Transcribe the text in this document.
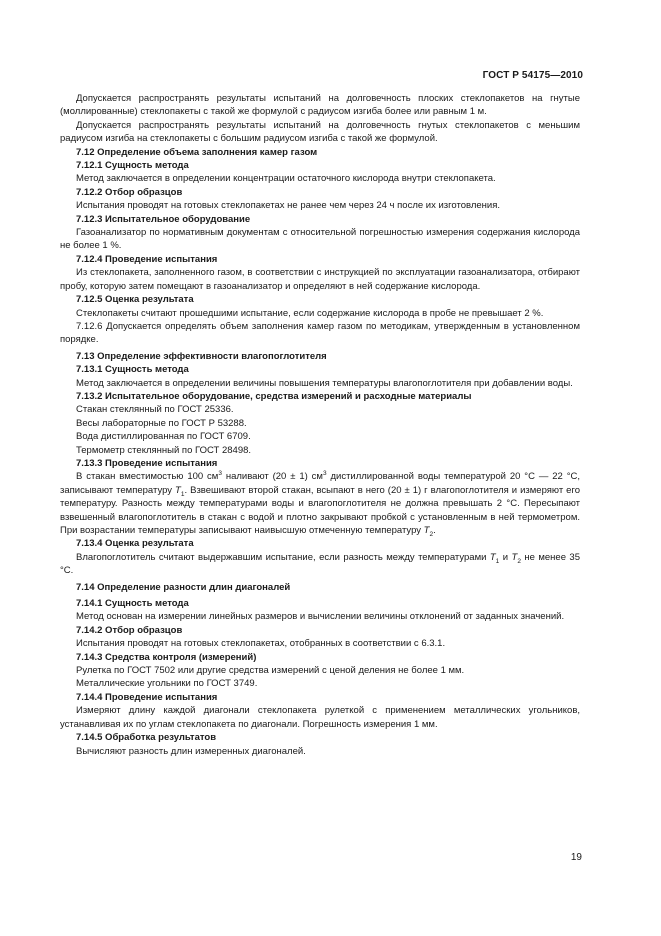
ГОСТ Р 54175—2010

Допускается распространять результаты испытаний на долговечность плоских стеклопакетов на гнутые (моллированные) стеклопакеты с такой же формулой с радиусом изгиба более или равным 1 м.

Допускается распространять результаты испытаний на долговечность гнутых стеклопакетов с меньшим радиусом изгиба на стеклопакеты с большим радиусом изгиба с такой же формулой.

7.12 Определение объема заполнения камер газом

7.12.1 Сущность метода

Метод заключается в определении концентрации остаточного кислорода внутри стеклопакета.

7.12.2 Отбор образцов

Испытания проводят на готовых стеклопакетах не ранее чем через 24 ч после их изготовления.

7.12.3 Испытательное оборудование

Газоанализатор по нормативным документам с относительной погрешностью измерения содержания кислорода не более 1 %.

7.12.4 Проведение испытания

Из стеклопакета, заполненного газом, в соответствии с инструкцией по эксплуатации газоанализатора, отбирают пробу, которую затем помещают в газоанализатор и определяют в ней содержание кислорода.

7.12.5 Оценка результата

Стеклопакеты считают прошедшими испытание, если содержание кислорода в пробе не превышает 2 %.

7.12.6 Допускается определять объем заполнения камер газом по методикам, утвержденным в установленном порядке.

7.13 Определение эффективности влагопоглотителя

7.13.1 Сущность метода

Метод заключается в определении величины повышения температуры влагопоглотителя при добавлении воды.

7.13.2 Испытательное оборудование, средства измерений и расходные материалы

Стакан стеклянный по ГОСТ 25336.

Весы лабораторные по ГОСТ Р 53288.

Вода дистиллированная по ГОСТ 6709.

Термометр стеклянный по ГОСТ 28498.

7.13.3 Проведение испытания

В стакан вместимостью 100 $см^3$ наливают (20 ± 1) $см^3$ дистиллированной воды температурой 20 °С — 22 °С, записывают температуру $T_1$. Взвешивают второй стакан, всыпают в него (20 ± 1) г влагопоглотителя и измеряют его температуру. Разность между температурами воды и влагопоглотителя не должна превышать 2 °С. Пересыпают взвешенный влагопоглотитель в стакан с водой и плотно закрывают пробкой с установленным в ней термометром. При возрастании температуры записывают наивысшую отмеченную температуру $T_2$.

7.13.4 Оценка результата

Влагопоглотитель считают выдержавшим испытание, если разность между температурами $T_1$ и $T_2$ не менее 35 °С.

7.14 Определение разности длин диагоналей

7.14.1 Сущность метода

Метод основан на измерении линейных размеров и вычислении величины отклонений от заданных значений.

7.14.2 Отбор образцов

Испытания проводят на готовых стеклопакетах, отобранных в соответствии с 6.3.1.

7.14.3 Средства контроля (измерений)

Рулетка по ГОСТ 7502 или другие средства измерений с ценой деления не более 1 мм.

Металлические угольники по ГОСТ 3749.

7.14.4 Проведение испытания

Измеряют длину каждой диагонали стеклопакета рулеткой с применением металлических угольников, устанавливая их по углам стеклопакета по диагонали. Погрешность измерения 1 мм.

7.14.5 Обработка результатов

Вычисляют разность длин измеренных диагоналей.

19
